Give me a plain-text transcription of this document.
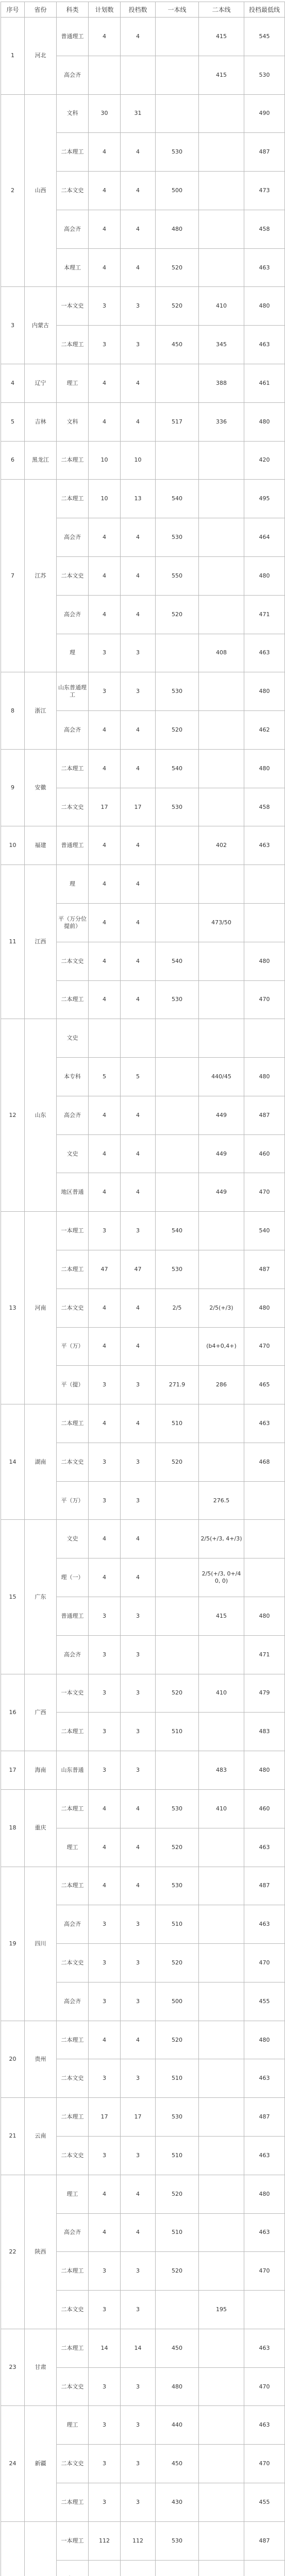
序号	省份	科类	计划数	投档数	一本线	二本线	投档最低线
1	河北	普通理工	4	4		415	545
		高会齐				415	530
2	山西	文科	30	31			490
		二本理工	4	4	530		487
		二本文史	4	4	500		473
		高会齐	4	4	480		458
		本理工	4	4	520		463
3	内蒙古	一本文史	3	3	520	410	480
		二本理工	3	3	450	345	463
4	辽宁	理工	4	4		388	461
5	吉林	文科	4	4	517	336	480
6	黑龙江	二本理工	10	10			420
7	江苏	二本理工	10	13	540		495
		高会齐	4	4	530		464
		二本文史	4	4	550		480
		高会齐	4	4	520		471
		理	3	3		408	463
8	浙江	山东普通理工	3	3	530		480
		高会齐	4	4	520		462
9	安徽	二本理工	4	4	540		480
		二本文史	17	17	530		458
10	福建	普通理工	4	4		402	463
11	江西	理	4	4			
		平（万分位提前）	4	4		473/50	
		二本文史	4	4	540		480
		二本理工	4	4	530		470
12	山东	文史					
		本专科	5	5		440/45	480
		高会齐	4	4		449	487
		文史	4	4		449	460
		地区普通	4	4		449	470
13	河南	一本理工	3	3	540		540
		二本理工	47	47	530		487
		二本文史	4	4	2/5	2/5(+/3)	480
		平（万）	4	4		(b4+0,4+)	470
		平（提）	3	3	271.9	286	465
14	湖南	二本理工	4	4	510		463
		二本文史	3	3	520		468
		平（万）	3	3		276.5	
15	广东	文史	4	4		2/5(+/3, 4+/3)	
		理（一）	4	4		2/5(+/3, 0+/40, 0)	
		普通理工	3	3		415	480
		高会齐	3	3			471
16	广西	一本文史	3	3	520	410	479
		二本理工	3	3	510		483
17	海南	山东普通	3	3		483	480
18	重庆	二本理工	4	4	530	410	460
		理工	4	4	520		463
19	四川	二本理工	4	4	530		487
		高会齐	3	3	510		463
		二本文史	3	3	520		470
		高会齐	3	3	500		455
20	贵州	二本理工	4	4	520		480
		二本文史	3	3	510		463
21	云南	二本理工	17	17	530		487
		二本文史	3	3	510		463
22	陕西	理工	4	4	520		480
		高会齐	4	4	510		463
		二本理工	3	3	520		470
		二本文史	3	3		195	
23	甘肃	二本理工	14	14	450		463
		二本文史	3	3	480		470
24	新疆	理工	3	3	440		463
		二本文史	3	3	450		470
		二本理工	3	3	430		455
		一本理工	112	112	530		487
